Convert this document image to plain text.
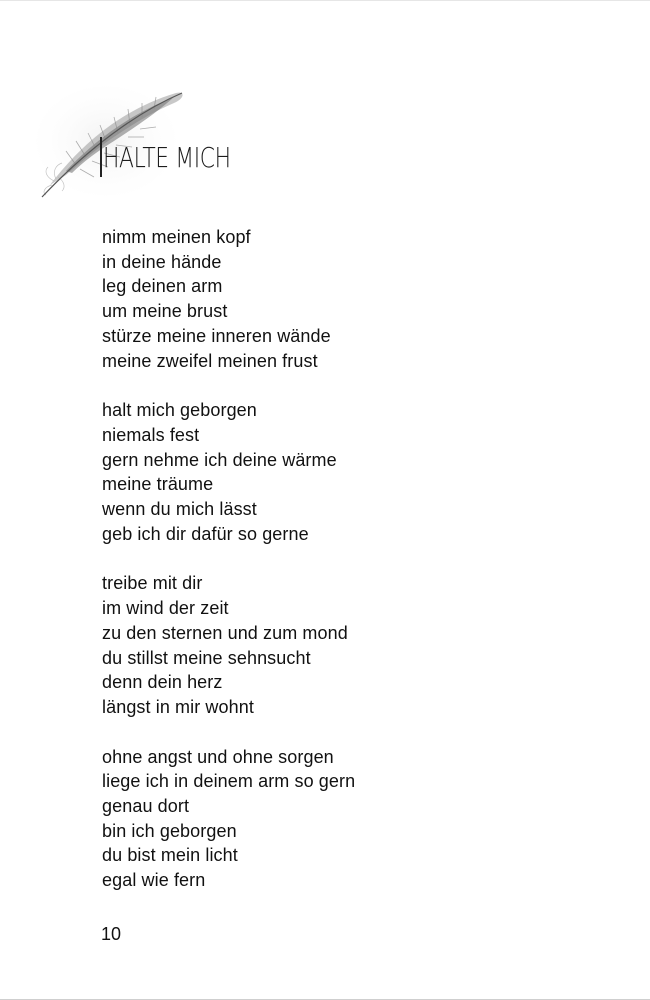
HALTE MICH
nimm meinen kopf
in deine hände
leg deinen arm
um meine brust
stürze meine inneren wände
meine zweifel meinen frust
halt mich geborgen
niemals fest
gern nehme ich deine wärme
meine träume
wenn du mich lässt
geb ich dir dafür so gerne
treibe mit dir
im wind der zeit
zu den sternen und zum mond
du stillst meine sehnsucht
denn dein herz
längst in mir wohnt
ohne angst und ohne sorgen
liege ich in deinem arm so gern
genau dort
bin ich geborgen
du bist mein licht
egal wie fern
10
